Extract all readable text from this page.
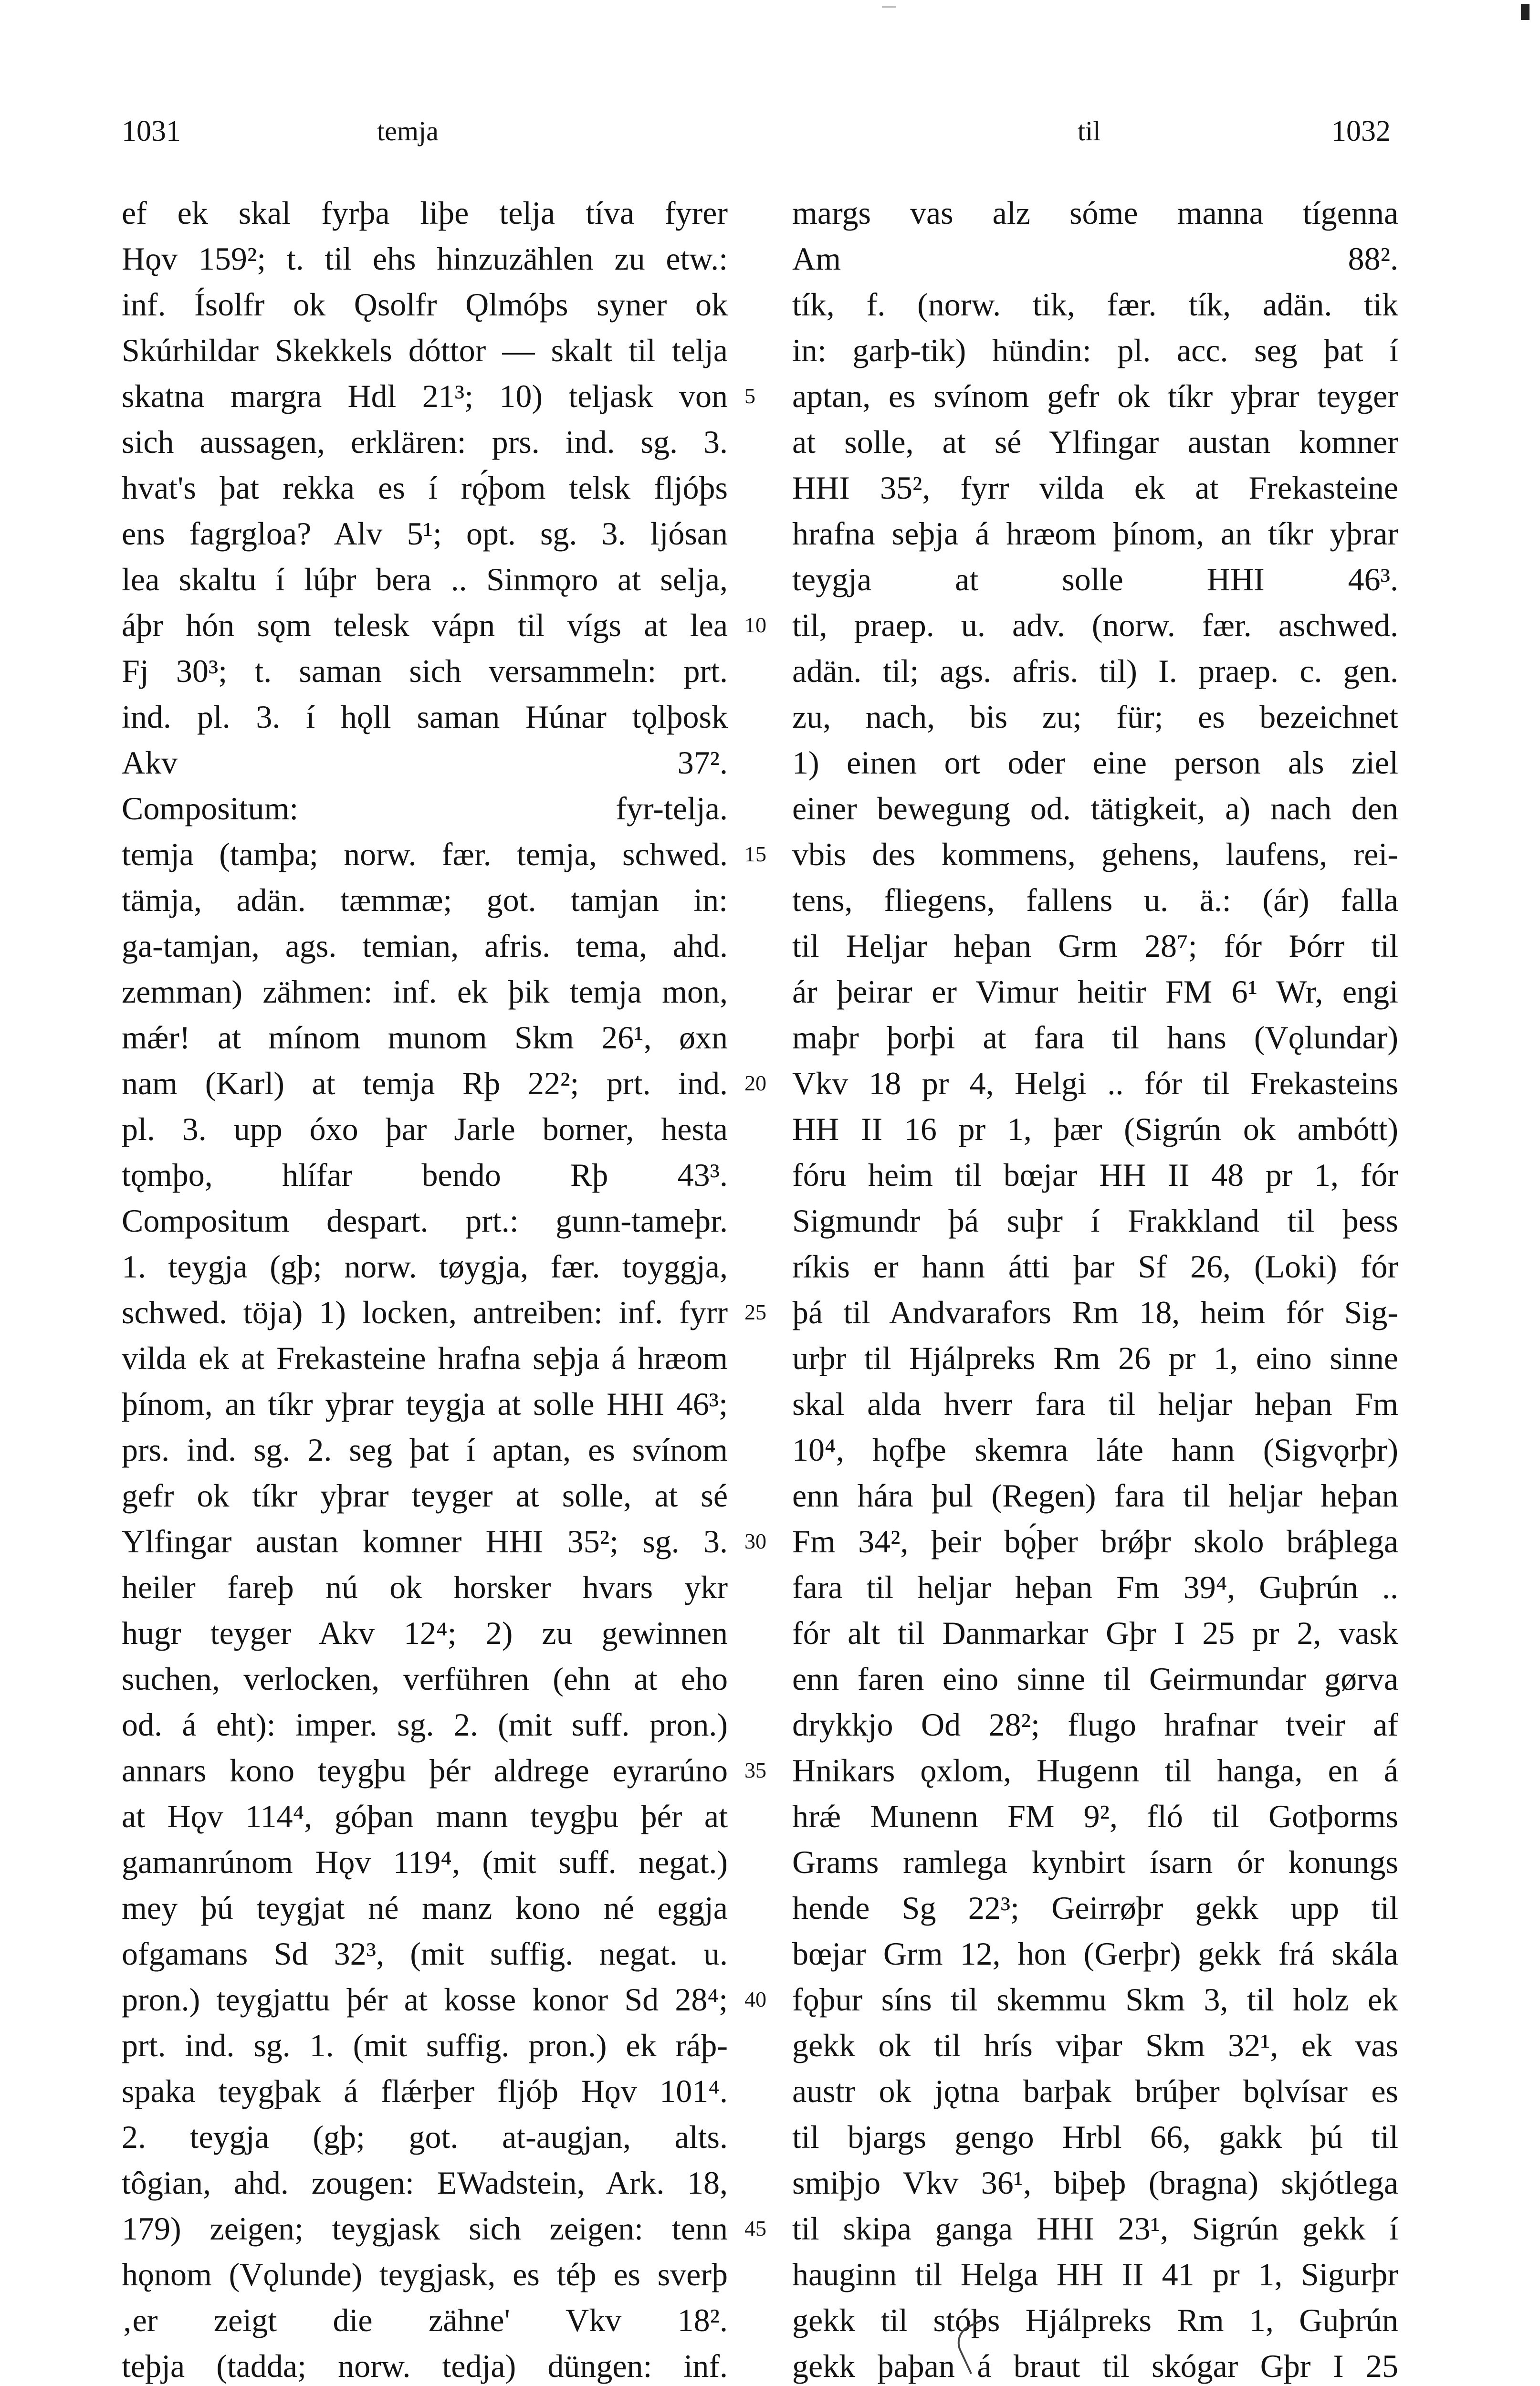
1031	temja	til	1032
ef ek skal fyrþa liþe telja tíva fyrer
Hǫv 159²; t. til ehs hinzuzählen zu etw.:
inf. Ísolfr ok Ǫsolfr Ǫlmóþs syner ok
Skúrhildar Skekkels dóttor — skalt til telja
skatna margra Hdl 21³; 10) teljask von
sich aussagen, erklären: prs. ind. sg. 3.
hvat's þat rekka es í rǫ́þom telsk fljóþs
ens fagrgloa? Alv 5¹; opt. sg. 3. ljósan
lea skaltu í lúþr bera .. Sinmǫro at selja,
áþr hón sǫm telesk vápn til vígs at lea
Fj 30³; t. saman sich versammeln: prt.
ind. pl. 3. í hǫll saman Húnar tǫlþosk
Akv 37².
Compositum: fyr-telja.
temja (tamþa; norw. fær. temja, schwed.
tämja, adän. tæmmæ; got. tamjan in:
ga-tamjan, ags. temian, afris. tema, ahd.
zemman) zähmen: inf. ek þik temja mon,
mǽr! at mínom munom Skm 26¹, øxn
nam (Karl) at temja Rþ 22²; prt. ind.
pl. 3. upp óxo þar Jarle borner, hesta
tǫmþo, hlífar bendo Rþ 43³.
Compositum despart. prt.: gunn-tameþr.
1. teygja (gþ; norw. tøygja, fær. toyggja,
schwed. töja) 1) locken, antreiben: inf. fyrr
vilda ek at Frekasteine hrafna seþja á hræom
þínom, an tíkr yþrar teygja at solle HHI 46³;
prs. ind. sg. 2. seg þat í aptan, es svínom
gefr ok tíkr yþrar teyger at solle, at sé
Ylfingar austan komner HHI 35²; sg. 3.
heiler fareþ nú ok horsker hvars ykr
hugr teyger Akv 12⁴; 2) zu gewinnen
suchen, verlocken, verführen (ehn at eho
od. á eht): imper. sg. 2. (mit suff. pron.)
annars kono teygþu þér aldrege eyrarúno
at Hǫv 114⁴, góþan mann teygþu þér at
gamanrúnom Hǫv 119⁴, (mit suff. negat.)
mey þú teygjat né manz kono né eggja
ofgamans Sd 32³, (mit suffig. negat. u.
pron.) teygjattu þér at kosse konor Sd 28⁴;
prt. ind. sg. 1. (mit suffig. pron.) ek ráþ-
spaka teygþak á flǽrþer fljóþ Hǫv 101⁴.
2. teygja (gþ; got. at-augjan, alts.
tôgian, ahd. zougen: EWadstein, Ark. 18,
179) zeigen; teygjask sich zeigen: tenn
hǫnom (Vǫlunde) teygjask, es téþ es sverþ
‚er zeigt die zähne' Vkv 18².
teþja (tadda; norw. tedja) düngen: inf.
5
10
15
20
25
30
35
40
45
margs vas alz sóme manna tígenna
Am 88².
tík, f. (norw. tik, fær. tík, adän. tik
in: garþ-tik) hündin: pl. acc. seg þat í
aptan, es svínom gefr ok tíkr yþrar teyger
at solle, at sé Ylfingar austan komner
HHI 35², fyrr vilda ek at Frekasteine
hrafna seþja á hræom þínom, an tíkr yþrar
teygja at solle HHI 46³.
til, praep. u. adv. (norw. fær. aschwed.
adän. til; ags. afris. til) I. praep. c. gen.
zu, nach, bis zu; für; es bezeichnet
1) einen ort oder eine person als ziel
einer bewegung od. tätigkeit, a) nach den
vbis des kommens, gehens, laufens, rei-
tens, fliegens, fallens u. ä.: (ár) falla
til Heljar heþan Grm 28⁷; fór Þórr til
ár þeirar er Vimur heitir FM 6¹ Wr, engi
maþr þorþi at fara til hans (Vǫlundar)
Vkv 18 pr 4, Helgi .. fór til Frekasteins
HH II 16 pr 1, þær (Sigrún ok ambótt)
fóru heim til bœjar HH II 48 pr 1, fór
Sigmundr þá suþr í Frakkland til þess
ríkis er hann átti þar Sf 26, (Loki) fór
þá til Andvarafors Rm 18, heim fór Sig-
urþr til Hjálpreks Rm 26 pr 1, eino sinne
skal alda hverr fara til heljar heþan Fm
10⁴, hǫfþe skemra láte hann (Sigvǫrþr)
enn hára þul (Regen) fara til heljar heþan
Fm 34², þeir bǫ́þer brǿþr skolo bráþlega
fara til heljar heþan Fm 39⁴, Guþrún ..
fór alt til Danmarkar Gþr I 25 pr 2, vask
enn faren eino sinne til Geirmundar gørva
drykkjo Od 28²; flugo hrafnar tveir af
Hnikars ǫxlom, Hugenn til hanga, en á
hrǽ Munenn FM 9², fló til Gotþorms
Grams ramlega kynbirt ísarn ór konungs
hende Sg 22³; Geirrøþr gekk upp til
bœjar Grm 12, hon (Gerþr) gekk frá skála
fǫþur síns til skemmu Skm 3, til holz ek
gekk ok til hrís viþar Skm 32¹, ek vas
austr ok jǫtna barþak brúþer bǫlvísar es
til bjargs gengo Hrbl 66, gakk þú til
smiþjo Vkv 36¹, biþeþ (bragna) skjótlega
til skipa ganga HHI 23¹, Sigrún gekk í
hauginn til Helga HH II 41 pr 1, Sigurþr
gekk til stóþs Hjálpreks Rm 1, Guþrún
gekk þaþan á braut til skógar Gþr I 25
